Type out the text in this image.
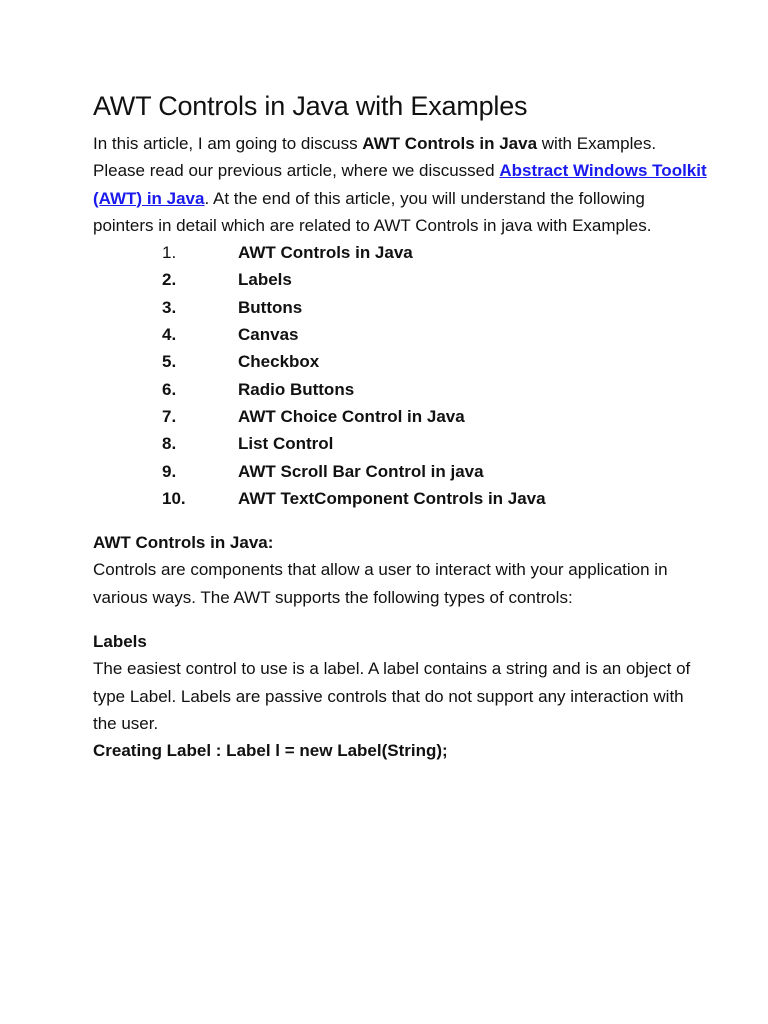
AWT Controls in Java with Examples

In this article, I am going to discuss AWT Controls in Java with Examples. Please read our previous article, where we discussed Abstract Windows Toolkit (AWT) in Java. At the end of this article, you will understand the following pointers in detail which are related to AWT Controls in java with Examples.

1.	AWT Controls in Java
2.	Labels
3.	Buttons
4.	Canvas
5.	Checkbox
6.	Radio Buttons
7.	AWT Choice Control in Java
8.	List Control
9.	AWT Scroll Bar Control in java
10.	AWT TextComponent Controls in Java

AWT Controls in Java:

Controls are components that allow a user to interact with your application in various ways. The AWT supports the following types of controls:

Labels

The easiest control to use is a label. A label contains a string and is an object of type Label. Labels are passive controls that do not support any interaction with the user.

Creating Label : Label l = new Label(String);
